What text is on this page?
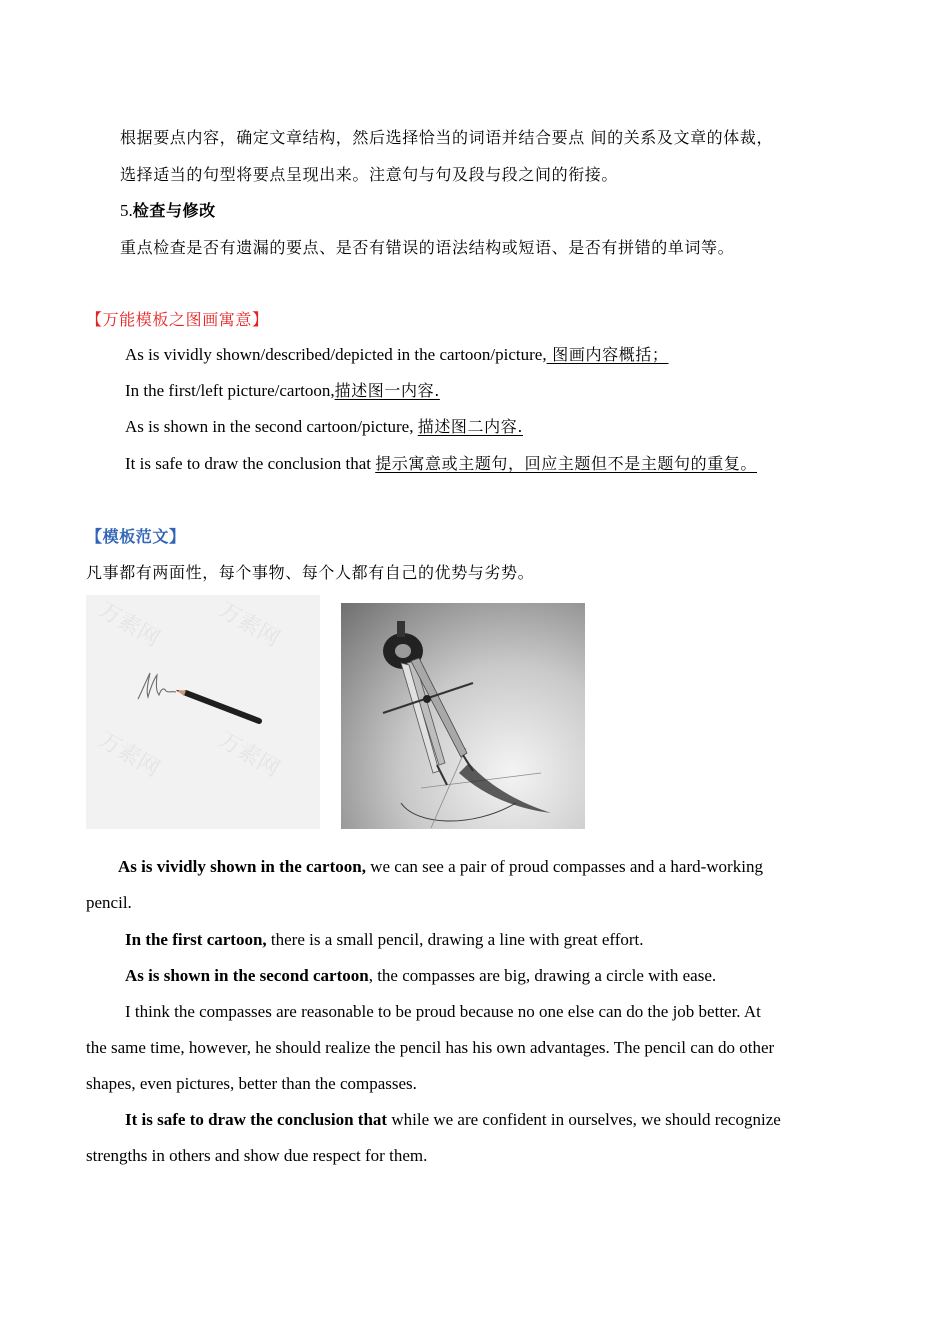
根据要点内容，确定文章结构，然后选择恰当的词语并结合要点 间的关系及文章的体裁，
选择适当的句型将要点呈现出来。注意句与句及段与段之间的衔接。
5.检查与修改
重点检查是否有遗漏的要点、是否有错误的语法结构或短语、是否有拼错的单词等。
【万能模板之图画寓意】
As is vividly shown/described/depicted in the cartoon/picture, 图画内容概括；
In the first/left picture/cartoon,描述图一内容.
As is shown in the second cartoon/picture, 描述图二内容.
It is safe to draw the conclusion that 提示寓意或主题句，回应主题但不是主题句的重复。
【模板范文】
凡事都有两面性，每个事物、每个人都有自己的优势与劣势。
万素网 万素网
万素网 万素网
As is vividly shown in the cartoon, we can see a pair of proud compasses and a hard-working
pencil.
In the first cartoon, there is a small pencil, drawing a line with great effort.
As is shown in the second cartoon, the compasses are big, drawing a circle with ease.
I think the compasses are reasonable to be proud because no one else can do the job better. At
the same time, however, he should realize the pencil has his own advantages. The pencil can do other
shapes, even pictures, better than the compasses.
It is safe to draw the conclusion that while we are confident in ourselves, we should recognize
strengths in others and show due respect for them.
